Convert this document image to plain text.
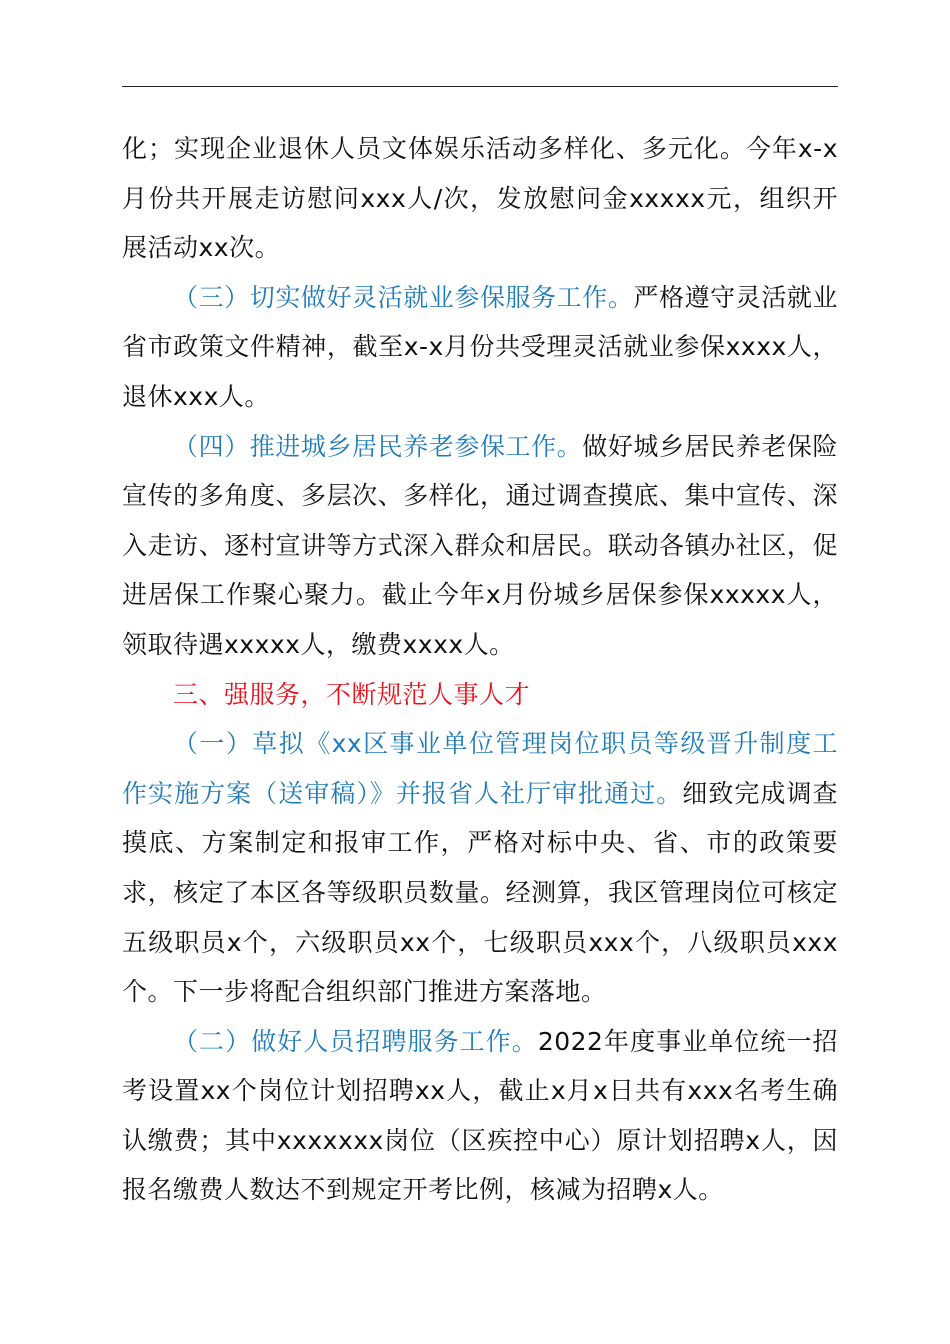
化；实现企业退休人员文体娱乐活动多样化、多元化。今年x-x月份共开展走访慰问xxx人/次，发放慰问金xxxxx元，组织开展活动xx次。

（三）切实做好灵活就业参保服务工作。严格遵守灵活就业省市政策文件精神，截至x-x月份共受理灵活就业参保xxxx人，退休xxx人。

（四）推进城乡居民养老参保工作。做好城乡居民养老保险宣传的多角度、多层次、多样化，通过调查摸底、集中宣传、深入走访、逐村宣讲等方式深入群众和居民。联动各镇办社区，促进居保工作聚心聚力。截止今年x月份城乡居保参保xxxxx人，领取待遇xxxxx人，缴费xxxx人。

三、强服务，不断规范人事人才

（一）草拟《xx区事业单位管理岗位职员等级晋升制度工作实施方案（送审稿）》并报省人社厅审批通过。细致完成调查摸底、方案制定和报审工作，严格对标中央、省、市的政策要求，核定了本区各等级职员数量。经测算，我区管理岗位可核定五级职员x个，六级职员xx个，七级职员xxx个，八级职员xxx个。下一步将配合组织部门推进方案落地。

（二）做好人员招聘服务工作。2022年度事业单位统一招考设置xx个岗位计划招聘xx人，截止x月x日共有xxx名考生确认缴费；其中xxxxxxx岗位（区疾控中心）原计划招聘x人，因报名缴费人数达不到规定开考比例，核减为招聘x人。
